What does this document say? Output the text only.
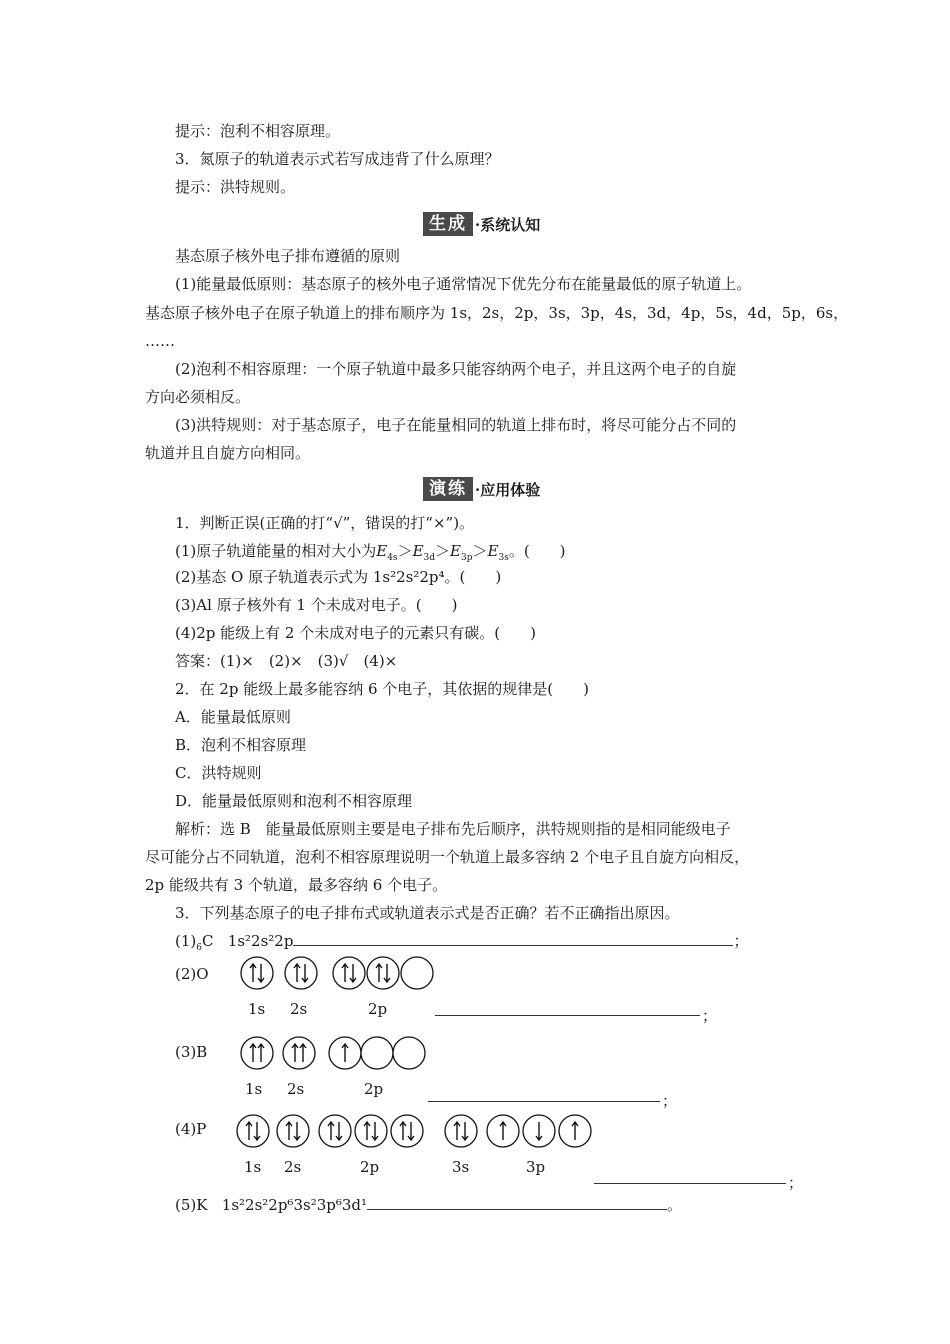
提示：泡利不相容原理。
3．氮原子的轨道表示式若写成违背了什么原理？
提示：洪特规则。
生成 ·系统认知
基态原子核外电子排布遵循的原则
(1)能量最低原则：基态原子的核外电子通常情况下优先分布在能量最低的原子轨道上。
基态原子核外电子在原子轨道上的排布顺序为 1s，2s，2p，3s，3p，4s，3d，4p，5s，4d，5p，6s，
……
(2)泡利不相容原理：一个原子轨道中最多只能容纳两个电子，并且这两个电子的自旋
方向必须相反。
(3)洪特规则：对于基态原子，电子在能量相同的轨道上排布时，将尽可能分占不同的
轨道并且自旋方向相同。
演练 ·应用体验
1．判断正误(正确的打“√”，错误的打“×”)。
(1)原子轨道能量的相对大小为$E_{4s}>E_{3d}>E_{3p}>E_{3s}$。(　　)
(2)基态 O 原子轨道表示式为 1s²2s²2p⁴。(　　)
(3)Al 原子核外有 1 个未成对电子。(　　)
(4)2p 能级上有 2 个未成对电子的元素只有碳。(　　)
答案：(1)×　(2)×　(3)√　(4)×
2．在 2p 能级上最多能容纳 6 个电子，其依据的规律是(　　)
A．能量最低原则
B．泡利不相容原理
C．洪特规则
D．能量最低原则和泡利不相容原理
解析：选 B　能量最低原则主要是电子排布先后顺序，洪特规则指的是相同能级电子
尽可能分占不同轨道，泡利不相容原理说明一个轨道上最多容纳 2 个电子且自旋方向相反，
2p 能级共有 3 个轨道，最多容纳 6 个电子。
3．下列基态原子的电子排布式或轨道表示式是否正确？若不正确指出原因。
$(1)_6C$ 1s²2s²2p	；
(2)O
1s 2s	2p	；
(3)B
1s 2s	2p
；
(4)P
1s 2s	2p	3s	3p
；
(5)K 1s²2s²2p⁶3s²3p⁶3d¹	。
